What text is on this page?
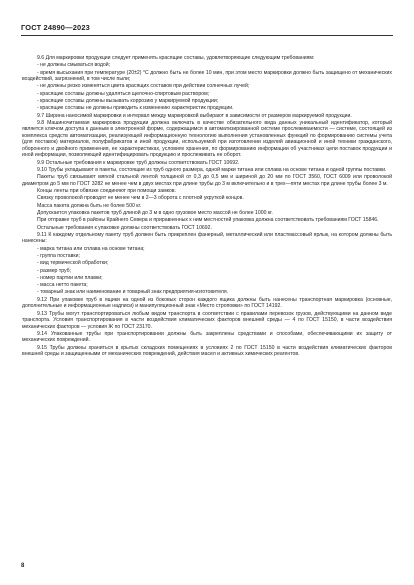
ГОСТ 24890—2023

9.6 Для маркировки продукции следует применять красящие составы, удовлетворяющие следующим требованиям:

- не должны смываться водой;

- время высыхания при температуре (20±2) °С должно быть не более 10 мин, при этом место маркировки должно быть защищено от механических воздействий, загрязнений, в том числе пыли;

- не должны резко изменяться цвета красящих составов при действии солнечных лучей;

- красящие составы должны удаляться щелочно-спиртовым раствором;

- красящие составы должны вызывать коррозию у маркируемой продукции;

- красящие составы не должны приводить к изменению характеристик продукции.

9.7 Ширина наносимой маркировки и интервал между маркировкой выбирают в зависимости от размеров маркируемой продукции.

9.8 Машиночитаемая маркировка продукции должна включать в качестве обязательного вида данных уникальный идентификатор, который является ключом доступа к данным в электронной форме, содержащимся в автоматизированной системе прослеживаемости — системе, состоящей из комплекса средств автоматизации, реализующей информационную технологию выполнения установленных функций по формированию системы учета (для поставок) материалов, полуфабрикатов и иной продукции, используемой при изготовлении изделий авиационной и иной техники гражданского, оборонного и двойного применения, ее характеристиках, условиях хранения, по формированию информации об участниках цепи поставок продукции и иной информации, позволяющей идентифицировать продукцию и прослеживать ее оборот.

9.9 Остальные требования к маркировке труб должны соответствовать ГОСТ 10692.

9.10 Трубы укладывают в пакеты, состоящие из труб одного размера, одной марки титана или сплава на основе титана и одной группы поставки.

Пакеты труб связывают мягкой стальной лентой толщиной от 0,3 до 0,5 мм и шириной до 20 мм по ГОСТ 3560, ГОСТ 6009 или проволокой диаметром до 5 мм по ГОСТ 3282 не менее чем в двух местах при длине трубы до 3 м включительно и в трех—пяти местах при длине трубы более 3 м.

Концы ленты при обвязке соединяют при помощи замков.

Связку проволокой проводят не менее чем в 2—3 оборота с плотной укруткой концов.

Масса пакета должна быть не более 500 кг.

Допускается упаковка пакетов труб длиной до 3 м в одно грузовое место массой не более 1000 кг.

При отправке труб в районы Крайнего Севера и приравненных к ним местностей упаковка должна соответствовать требованиям ГОСТ 15846.

Остальные требования к упаковке должны соответствовать ГОСТ 10692.

9.11 К каждому отдельному пакету труб должен быть прикреплен фанерный, металлический или пластмассовый ярлык, на котором должны быть нанесены:

- марка титана или сплава на основе титана;

- группа поставки;

- вид термической обработки;

- размер труб;

- номер партии или плавки;

- масса нетто пакета;

- товарный знак или наименование и товарный знак предприятия-изготовителя.

9.12 При упаковке труб в ящики на одной из боковых сторон каждого ящика должны быть нанесены транспортная маркировка (основные, дополнительные и информационные надписи) и манипуляционный знак «Место строповки» по ГОСТ 14192.

9.13 Трубы могут транспортироваться любым видом транспорта в соответствии с правилами перевозок грузов, действующими на данном виде транспорта. Условия транспортирования в части воздействия климатических факторов внешней среды — 4 по ГОСТ 15150, в части воздействия механических факторов — условия Ж по ГОСТ 23170.

9.14 Упакованные трубы при транспортировании должны быть закреплены средствами и способами, обеспечивающими их защиту от механических повреждений.

9.15 Трубы должны храниться в крытых складских помещениях в условиях 2 по ГОСТ 15150 в части воздействия климатических факторов внешней среды и защищенными от механических повреждений, действия масел и активных химических реагентов.

8
